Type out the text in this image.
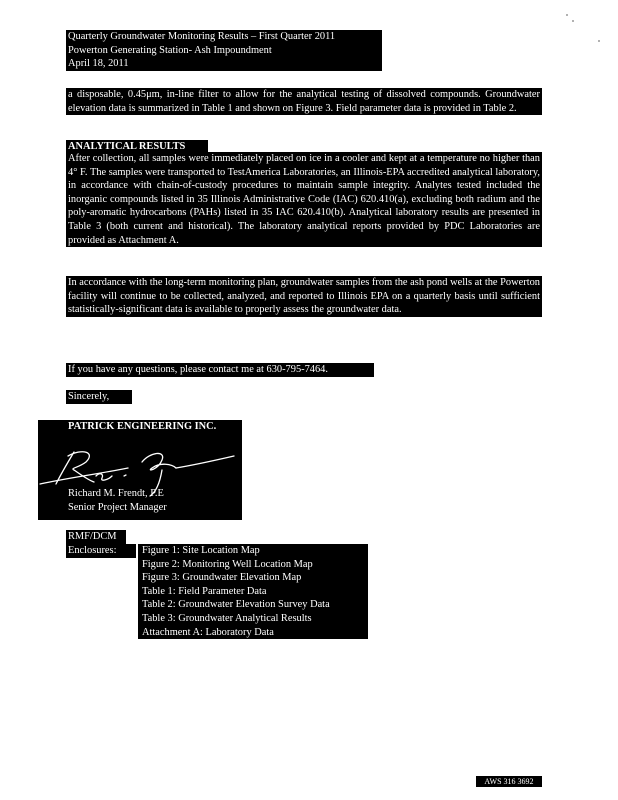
Quarterly Groundwater Monitoring Results – First Quarter 2011
Powerton Generating Station- Ash Impoundment
April 18, 2011
a disposable, 0.45μm, in-line filter to allow for the analytical testing of dissolved compounds. Groundwater elevation data is summarized in Table 1 and shown on Figure 3. Field parameter data is provided in Table 2.
ANALYTICAL RESULTS
After collection, all samples were immediately placed on ice in a cooler and kept at a temperature no higher than 4° F. The samples were transported to TestAmerica Laboratories, an Illinois-EPA accredited analytical laboratory, in accordance with chain-of-custody procedures to maintain sample integrity. Analytes tested included the inorganic compounds listed in 35 Illinois Administrative Code (IAC) 620.410(a), excluding both radium and the poly-aromatic hydrocarbons (PAHs) listed in 35 IAC 620.410(b). Analytical laboratory results are presented in Table 3 (both current and historical). The laboratory analytical reports provided by PDC Laboratories are provided as Attachment A.
In accordance with the long-term monitoring plan, groundwater samples from the ash pond wells at the Powerton facility will continue to be collected, analyzed, and reported to Illinois EPA on a quarterly basis until sufficient statistically-significant data is available to properly assess the groundwater data.
If you have any questions, please contact me at 630-795-7464.
Sincerely,
PATRICK ENGINEERING INC.
Richard M. Frendt, P.E
Senior Project Manager
RMF/DCM
Enclosures:	Figure 1: Site Location Map
Figure 2: Monitoring Well Location Map
Figure 3: Groundwater Elevation Map
Table 1: Field Parameter Data
Table 2: Groundwater Elevation Survey Data
Table 3: Groundwater Analytical Results
Attachment A: Laboratory Data
AWS 316 3692
